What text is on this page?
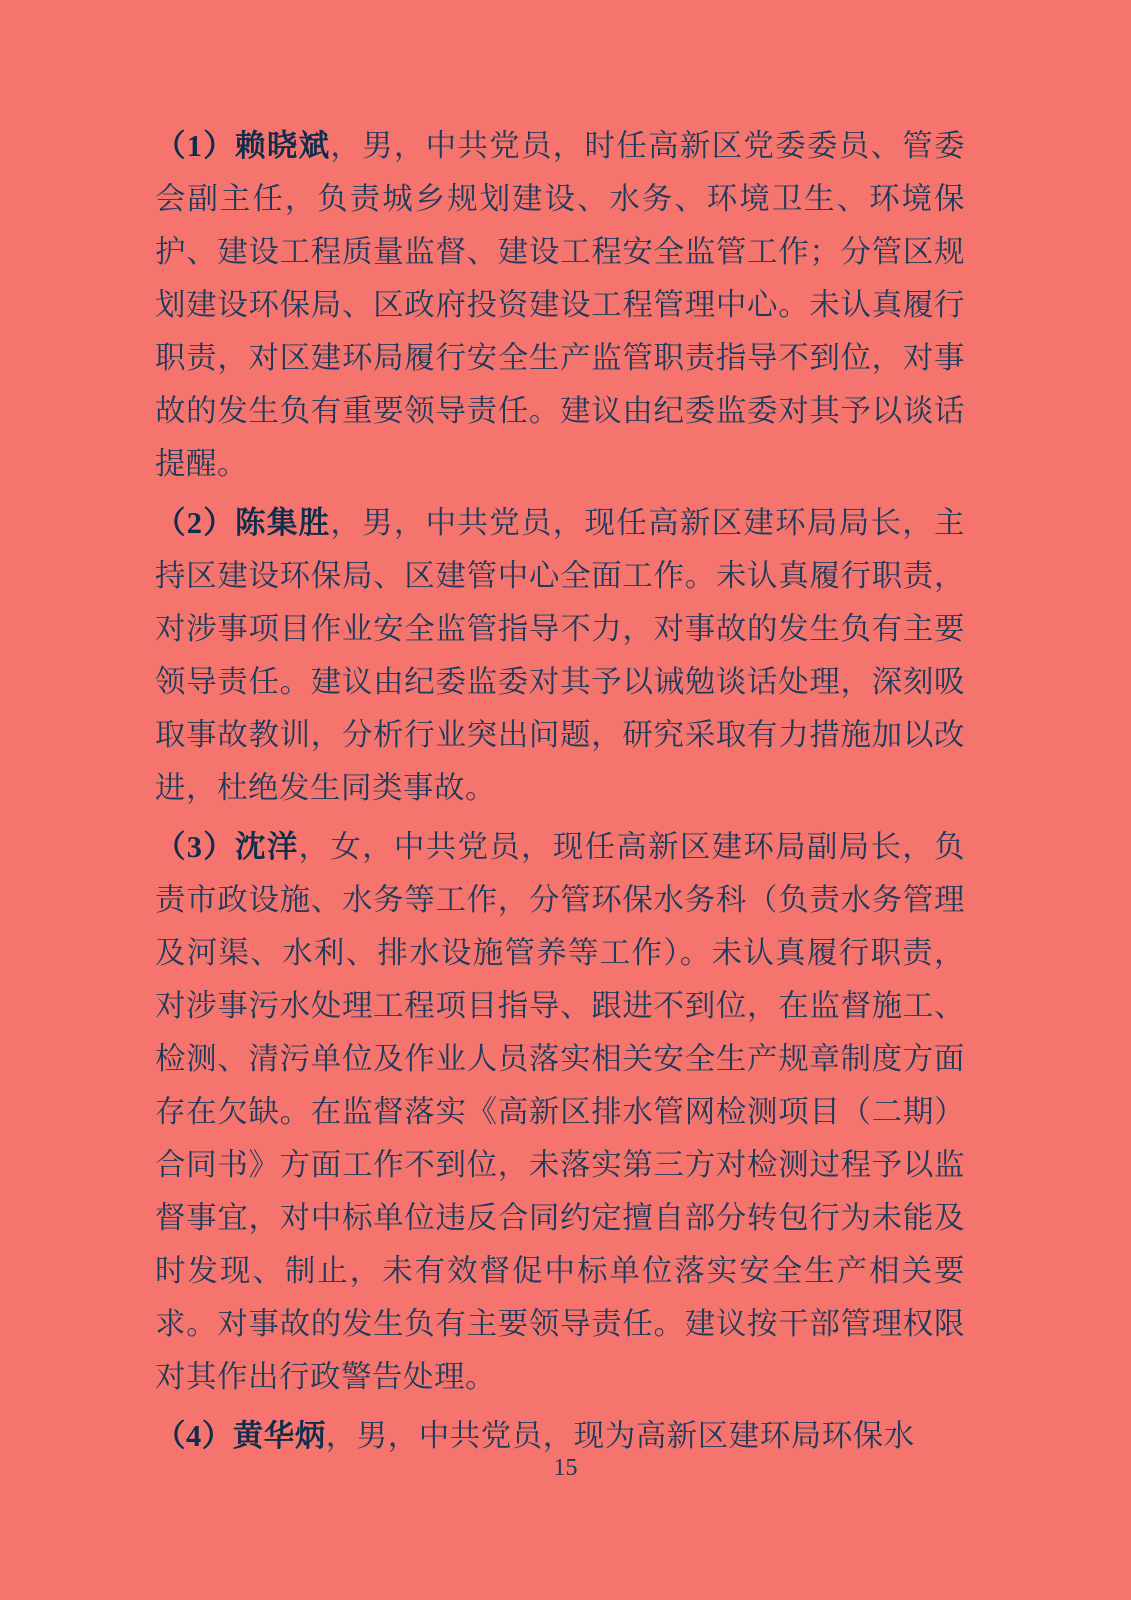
（1）赖晓斌，男，中共党员，时任高新区党委委员、管委会副主任，负责城乡规划建设、水务、环境卫生、环境保护、建设工程质量监督、建设工程安全监管工作；分管区规划建设环保局、区政府投资建设工程管理中心。未认真履行职责，对区建环局履行安全生产监管职责指导不到位，对事故的发生负有重要领导责任。建议由纪委监委对其予以谈话提醒。

（2）陈集胜，男，中共党员，现任高新区建环局局长，主持区建设环保局、区建管中心全面工作。未认真履行职责，对涉事项目作业安全监管指导不力，对事故的发生负有主要领导责任。建议由纪委监委对其予以诫勉谈话处理，深刻吸取事故教训，分析行业突出问题，研究采取有力措施加以改进，杜绝发生同类事故。

（3）沈洋，女，中共党员，现任高新区建环局副局长，负责市政设施、水务等工作，分管环保水务科（负责水务管理及河渠、水利、排水设施管养等工作）。未认真履行职责，对涉事污水处理工程项目指导、跟进不到位，在监督施工、检测、清污单位及作业人员落实相关安全生产规章制度方面存在欠缺。在监督落实《高新区排水管网检测项目（二期）合同书》方面工作不到位，未落实第三方对检测过程予以监督事宜，对中标单位违反合同约定擅自部分转包行为未能及时发现、制止，未有效督促中标单位落实安全生产相关要求。对事故的发生负有主要领导责任。建议按干部管理权限对其作出行政警告处理。

（4）黄华炳，男，中共党员，现为高新区建环局环保水

15
